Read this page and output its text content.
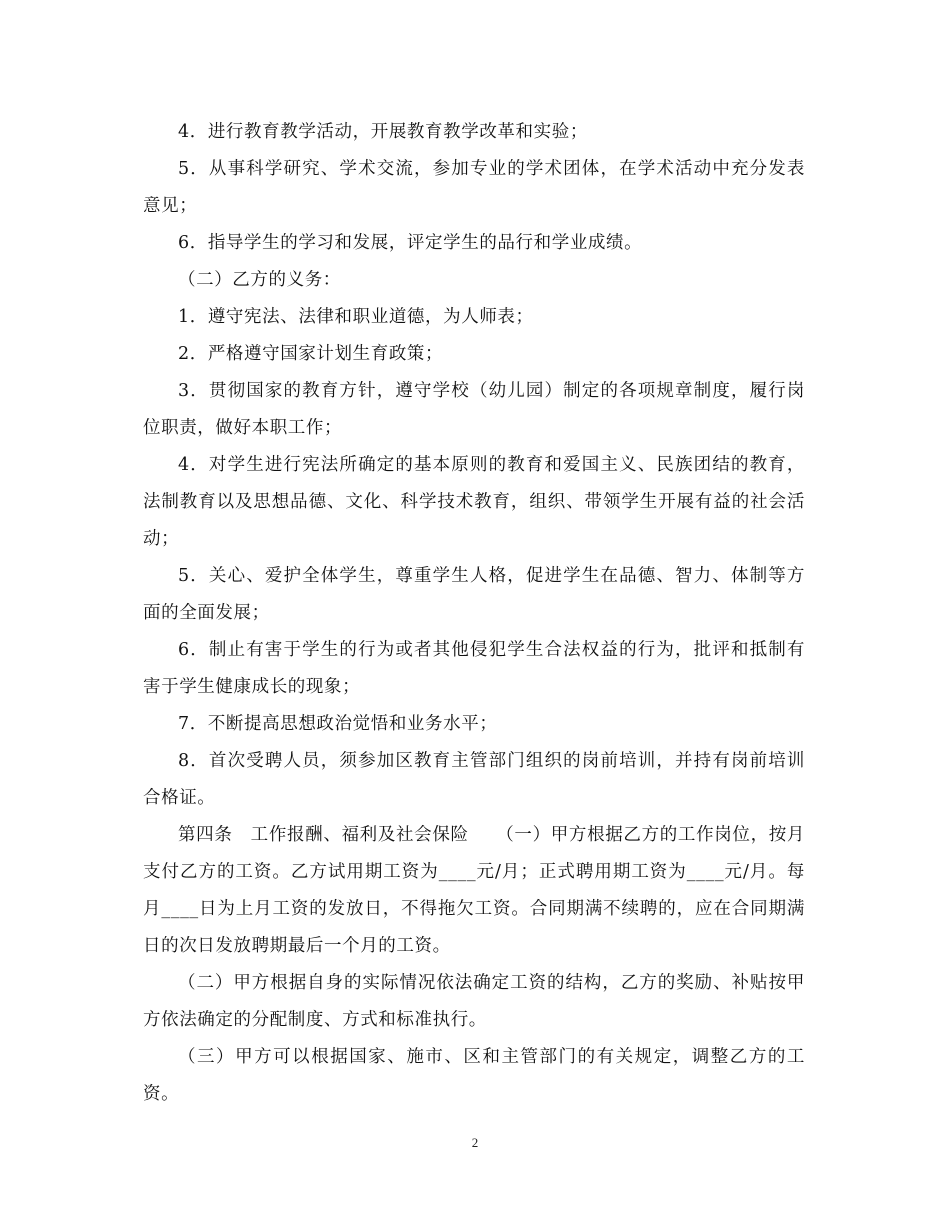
4．进行教育教学活动，开展教育教学改革和实验；

5．从事科学研究、学术交流，参加专业的学术团体，在学术活动中充分发表意见；

6．指导学生的学习和发展，评定学生的品行和学业成绩。

（二）乙方的义务：

1．遵守宪法、法律和职业道德，为人师表；

2．严格遵守国家计划生育政策；

3．贯彻国家的教育方针，遵守学校（幼儿园）制定的各项规章制度，履行岗位职责，做好本职工作；

4．对学生进行宪法所确定的基本原则的教育和爱国主义、民族团结的教育，法制教育以及思想品德、文化、科学技术教育，组织、带领学生开展有益的社会活动；

5．关心、爱护全体学生，尊重学生人格，促进学生在品德、智力、体制等方面的全面发展；

6．制止有害于学生的行为或者其他侵犯学生合法权益的行为，批评和抵制有害于学生健康成长的现象；

7．不断提高思想政治觉悟和业务水平；

8．首次受聘人员，须参加区教育主管部门组织的岗前培训，并持有岗前培训合格证。

第四条　工作报酬、福利及社会保险　　（一）甲方根据乙方的工作岗位，按月支付乙方的工资。乙方试用期工资为____元/月；正式聘用期工资为____元/月。每月____日为上月工资的发放日，不得拖欠工资。合同期满不续聘的，应在合同期满日的次日发放聘期最后一个月的工资。

（二）甲方根据自身的实际情况依法确定工资的结构，乙方的奖励、补贴按甲方依法确定的分配制度、方式和标准执行。

（三）甲方可以根据国家、施市、区和主管部门的有关规定，调整乙方的工资。

2
